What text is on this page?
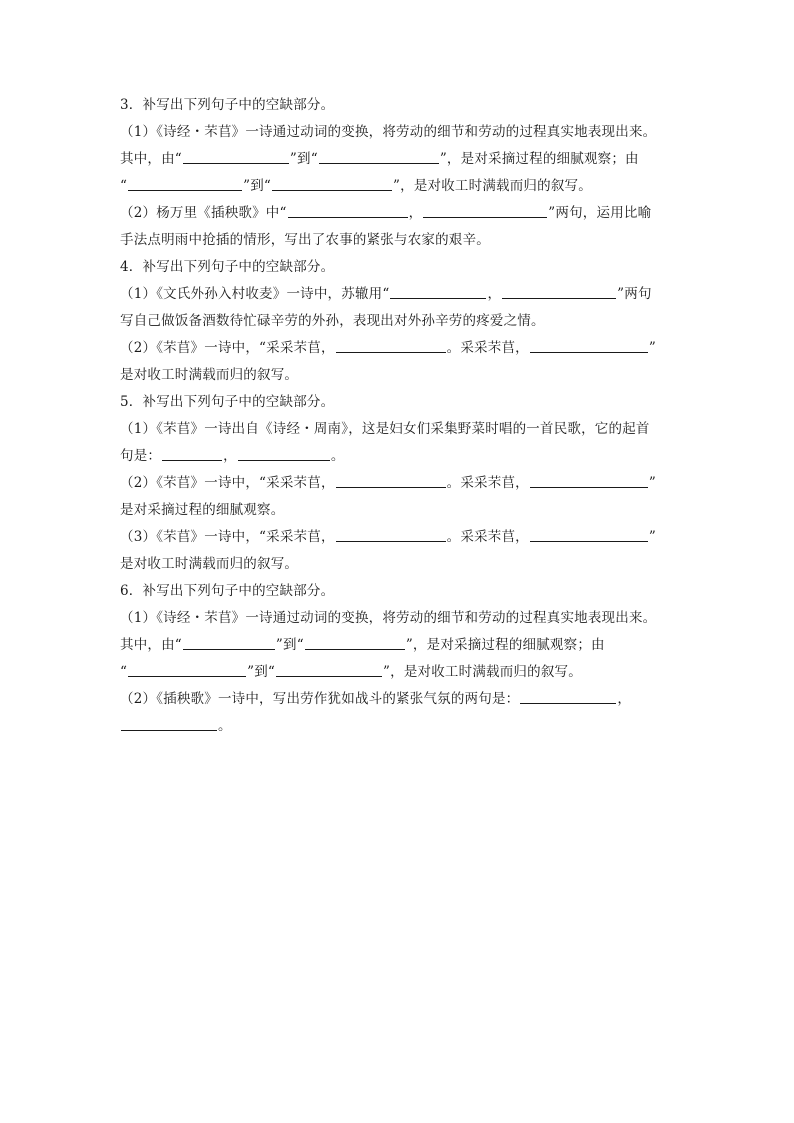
3．补写出下列句子中的空缺部分。
（1）《诗经・芣苢》一诗通过动词的变换，将劳动的细节和劳动的过程真实地表现出来。
其中，由“	”到“	”，是对采摘过程的细腻观察；由
“	”到“	”，是对收工时满载而归的叙写。
（2）杨万里《插秧歌》中“	，	”两句，运用比喻
手法点明雨中抢插的情形，写出了农事的紧张与农家的艰辛。
4．补写出下列句子中的空缺部分。
（1）《文氏外孙入村收麦》一诗中，苏辙用“	，	”两句
写自己做饭备酒数待忙碌辛劳的外孙，表现出对外孙辛劳的疼爱之情。
（2）《芣苢》一诗中，“采采芣苢，	。采采芣苢，	”
是对收工时满载而归的叙写。
5．补写出下列句子中的空缺部分。
（1）《芣苢》一诗出自《诗经・周南》，这是妇女们采集野菜时唱的一首民歌，它的起首
句是：	，	。
（2）《芣苢》一诗中，“采采芣苢，	。采采芣苢，	”
是对采摘过程的细腻观察。
（3）《芣苢》一诗中，“采采芣苢，	。采采芣苢，	”
是对收工时满载而归的叙写。
6．补写出下列句子中的空缺部分。
（1）《诗经・芣苢》一诗通过动词的变换，将劳动的细节和劳动的过程真实地表现出来。
其中，由“	”到“	”，是对采摘过程的细腻观察；由
“	”到“	”，是对收工时满载而归的叙写。
（2）《插秧歌》一诗中，写出劳作犹如战斗的紧张气氛的两句是：	，
。
